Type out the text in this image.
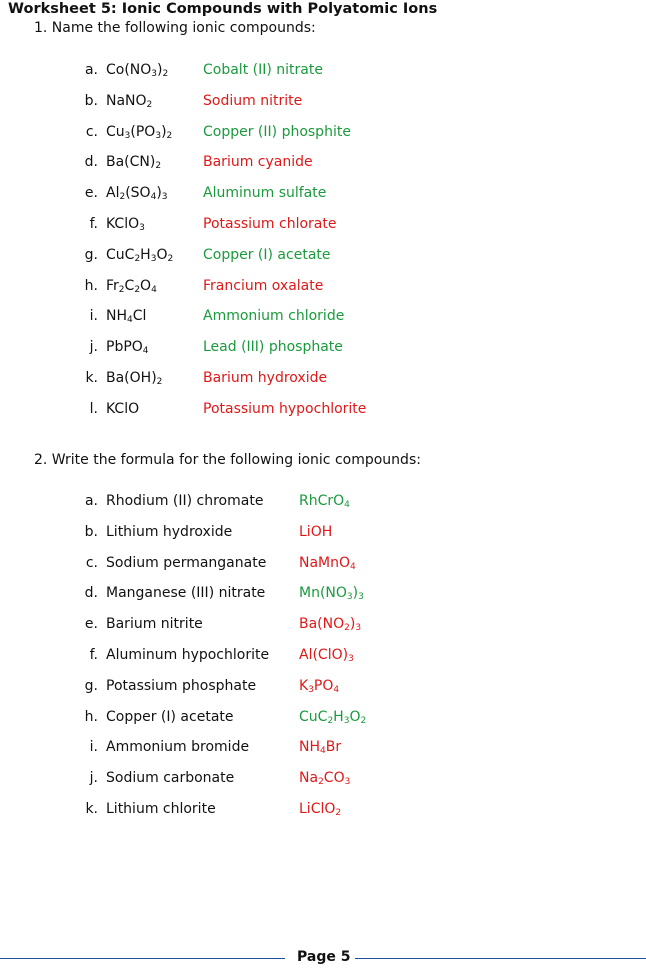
Worksheet 5: Ionic Compounds with Polyatomic Ions
1. Name the following ionic compounds:
a. $Co(NO_3)_2$ Cobalt (II) nitrate
b. NaNO$_2$	Sodium nitrite
c. $Cu_3(PO_3)_2$ Copper (II) phosphite
d. $Ba(CN)_2$	Barium cyanide
e. $Al_2(SO_4)_3$	Aluminum sulfate
f. KClO$_3$	Potassium chlorate
g. $CuC_2H_3O_2$ Copper (I) acetate
h. $Fr_2C_2O_4$	Francium oxalate
i. $NH_4Cl$	Ammonium chloride
j. PbPO$_4$	Lead (III) phosphate
k. $Ba(OH)_2$	Barium hydroxide
l. KClO	Potassium hypochlorite
2. Write the formula for the following ionic compounds:
a. Rhodium (II) chromate	RhCrO$_4$
b. Lithium hydroxide	LiOH
c. Sodium permanganate NaMnO$_4$
d. Manganese (III) nitrate $Mn(NO_3)_3$
e. Barium nitrite	$Ba(NO_2)_3$
f. Aluminum hypochlorite $Al(ClO)_3$
g. Potassium phosphate	$K_3PO_4$
h. Copper (I) acetate	$CuC_2H_3O_2$
i. Ammonium bromide	$NH_4Br$
j. Sodium carbonate	$Na_2CO_3$
k. Lithium chlorite	LiClO$_2$
Page 5
